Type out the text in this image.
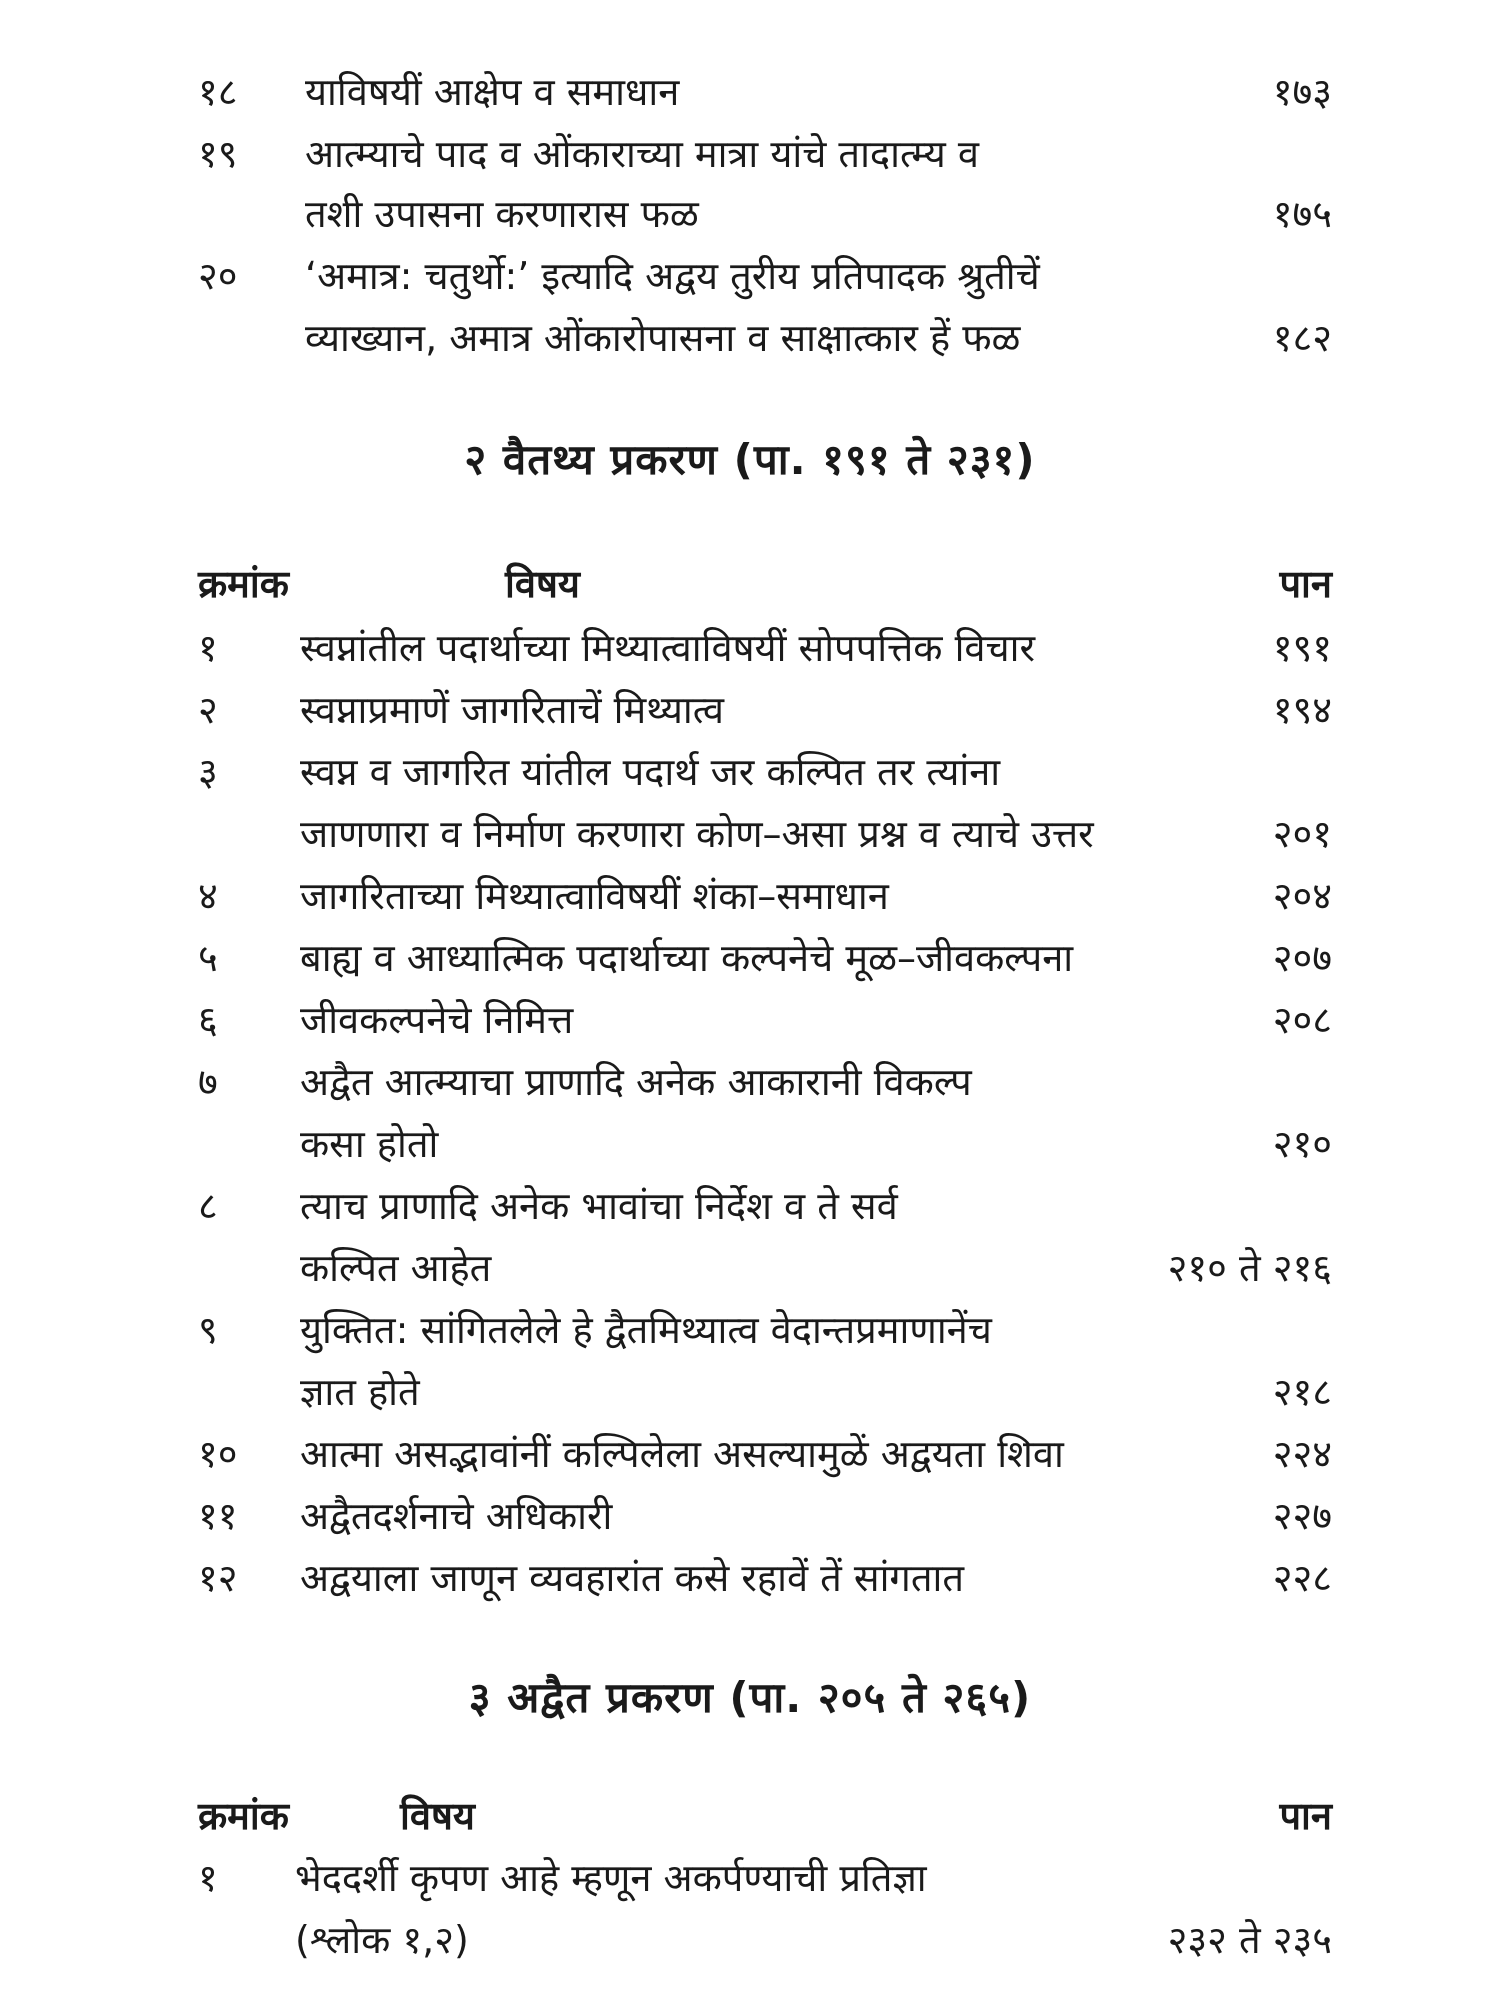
१८ याविषयीं आक्षेप व समाधान	१७३
१९ आत्म्याचे पाद व ओंकाराच्या मात्रा यांचे तादात्म्य व
तशी उपासना करणारास फळ	१७५
२० ‘अमात्र: चतुर्थो:’ इत्यादि अद्वय तुरीय प्रतिपादक श्रुतीचें
व्याख्यान, अमात्र ओंकारोपासना व साक्षात्कार हें फळ	१८२
२ वैतथ्य प्रकरण (पा. १९१ ते २३१)
क्रमांक	विषय	पान
१ स्वप्नांतील पदार्थाच्या मिथ्यात्वाविषयीं सोपपत्तिक विचार	१९१
२ स्वप्नाप्रमाणें जागरिताचें मिथ्यात्व	१९४
३ स्वप्न व जागरित यांतील पदार्थ जर कल्पित तर त्यांना
जाणणारा व निर्माण करणारा कोण–असा प्रश्न व त्याचे उत्तर	२०१
४ जागरिताच्या मिथ्यात्वाविषयीं शंका–समाधान	२०४
५ बाह्य व आध्यात्मिक पदार्थाच्या कल्पनेचे मूळ–जीवकल्पना	२०७
६ जीवकल्पनेचे निमित्त	२०८
७ अद्वैत आत्म्याचा प्राणादि अनेक आकारानी विकल्प
कसा होतो	२१०
८ त्याच प्राणादि अनेक भावांचा निर्देश व ते सर्व
कल्पित आहेत	२१० ते २१६
९ युक्तित: सांगितलेले हे द्वैतमिथ्यात्व वेदान्तप्रमाणानेंच
ज्ञात होते	२१८
१० आत्मा असद्भावांनीं कल्पिलेला असल्यामुळें अद्वयता शिवा	२२४
११ अद्वैतदर्शनाचे अधिकारी	२२७
१२ अद्वयाला जाणून व्यवहारांत कसे रहावें तें सांगतात	२२८
३ अद्वैत प्रकरण (पा. २०५ ते २६५)
क्रमांक	विषय	पान
१ भेददर्शी कृपण आहे म्हणून अकर्पण्याची प्रतिज्ञा
(श्लोक १,२)	२३२ ते २३५
